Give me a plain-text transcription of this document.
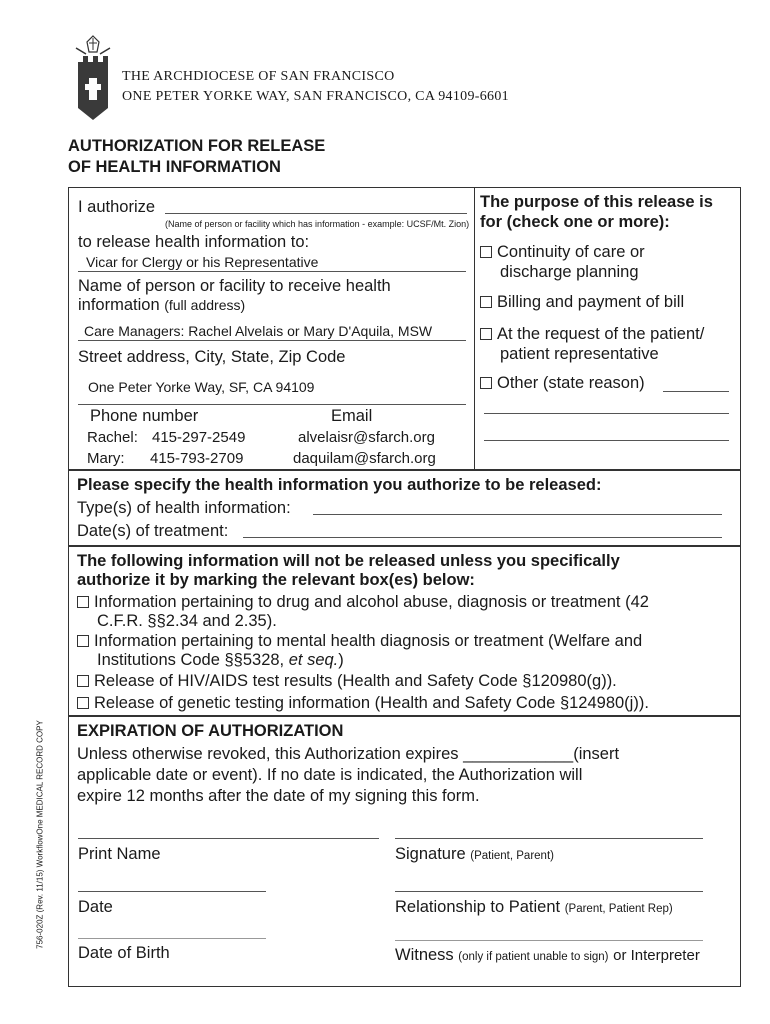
THE ARCHDIOCESE OF SAN FRANCISCO
ONE PETER YORKE WAY, SAN FRANCISCO, CA 94109-6601
AUTHORIZATION FOR RELEASE
OF HEALTH INFORMATION
I authorize
(Name of person or facility which has information - example: UCSF/Mt. Zion)
to release health information to:
Vicar for Clergy or his Representative
Name of person or facility to receive health
information (full address)
Care Managers: Rachel Alvelais or Mary D'Aquila, MSW
Street address, City, State, Zip Code
One Peter Yorke Way, SF, CA 94109
Phone number	Email
Rachel: 415-297-2549	alvelaisr@sfarch.org
Mary: 415-793-2709	daquilam@sfarch.org
The purpose of this release is
for (check one or more):
Continuity of care or
discharge planning
Billing and payment of bill
At the request of the patient/
patient representative
Other (state reason)
Please specify the health information you authorize to be released:
Type(s) of health information:
Date(s) of treatment:
The following information will not be released unless you specifically
authorize it by marking the relevant box(es) below:
Information pertaining to drug and alcohol abuse, diagnosis or treatment (42
C.F.R. §§2.34 and 2.35).
Information pertaining to mental health diagnosis or treatment (Welfare and
Institutions Code §§5328, et seq.)
Release of HIV/AIDS test results (Health and Safety Code §120980(g)).
Release of genetic testing information (Health and Safety Code §124980(j)).
EXPIRATION OF AUTHORIZATION
Unless otherwise revoked, this Authorization expires ____________(insert
applicable date or event). If no date is indicated, the Authorization will
expire 12 months after the date of my signing this form.
Print Name	Signature (Patient, Parent)
Date	Relationship to Patient (Parent, Patient Rep)
Date of Birth	Witness (only if patient unable to sign) or Interpreter
756-020Z (Rev. 11/15) WorkflowOne MEDICAL RECORD COPY
